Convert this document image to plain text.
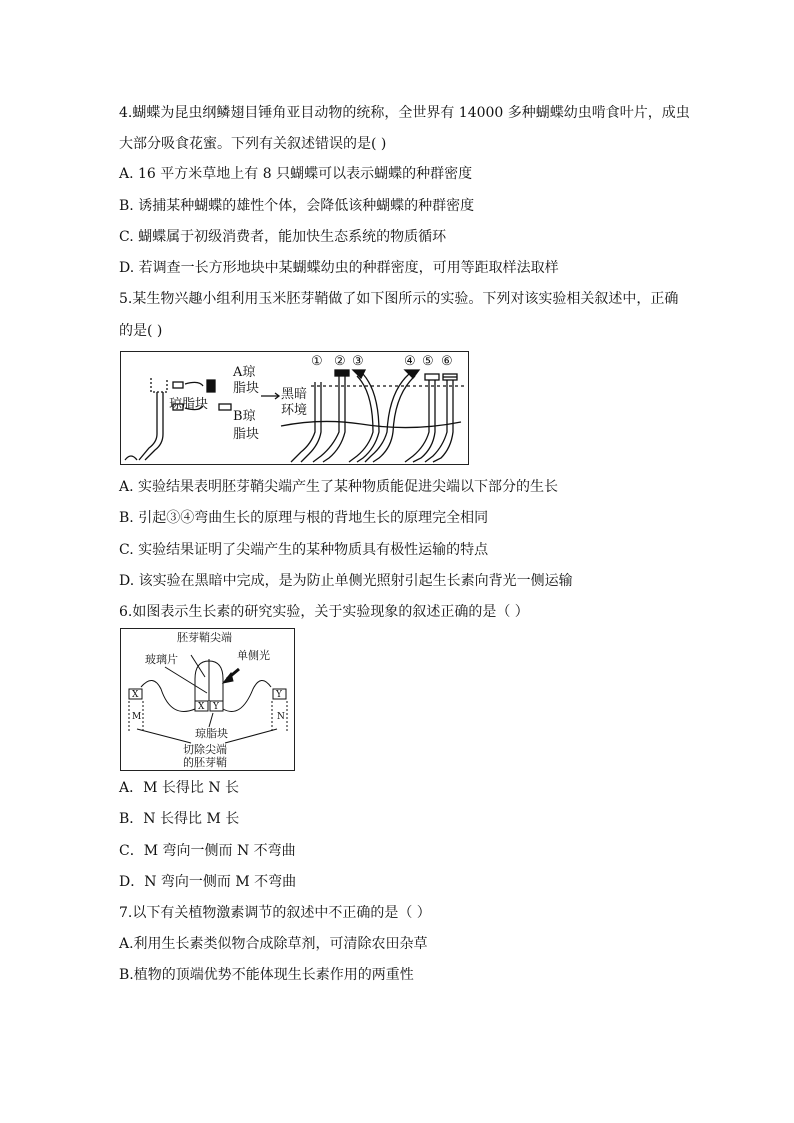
4.蝴蝶为昆虫纲鳞翅目锤角亚目动物的统称，全世界有 14000 多种蝴蝶幼虫啃食叶片，成虫
大部分吸食花蜜。下列有关叙述错误的是( )
A. 16 平方米草地上有 8 只蝴蝶可以表示蝴蝶的种群密度
B. 诱捕某种蝴蝶的雄性个体，会降低该种蝴蝶的种群密度
C. 蝴蝶属于初级消费者，能加快生态系统的物质循环
D. 若调查一长方形地块中某蝴蝶幼虫的种群密度，可用等距取样法取样
5.某生物兴趣小组利用玉米胚芽鞘做了如下图所示的实验。下列对该实验相关叙述中，正确
的是( )
琼脂块
A琼
脂块
B琼
脂块
黑暗
环境
① ② ③	④ ⑤ ⑥
A. 实验结果表明胚芽鞘尖端产生了某种物质能促进尖端以下部分的生长
B. 引起③④弯曲生长的原理与根的背地生长的原理完全相同
C. 实验结果证明了尖端产生的某种物质具有极性运输的特点
D. 该实验在黑暗中完成，是为防止单侧光照射引起生长素向背光一侧运输
6.如图表示生长素的研究实验，关于实验现象的叙述正确的是（ ）
胚芽鞘尖端
玻璃片	单侧光
X
X Y
Y
M	N
琼脂块
切除尖端
的胚芽鞘
A．M 长得比 N 长
B．N 长得比 M 长
C．M 弯向一侧而 N 不弯曲
D．N 弯向一侧而 M 不弯曲
7.以下有关植物激素调节的叙述中不正确的是（ ）
A.利用生长素类似物合成除草剂，可清除农田杂草
B.植物的顶端优势不能体现生长素作用的两重性
